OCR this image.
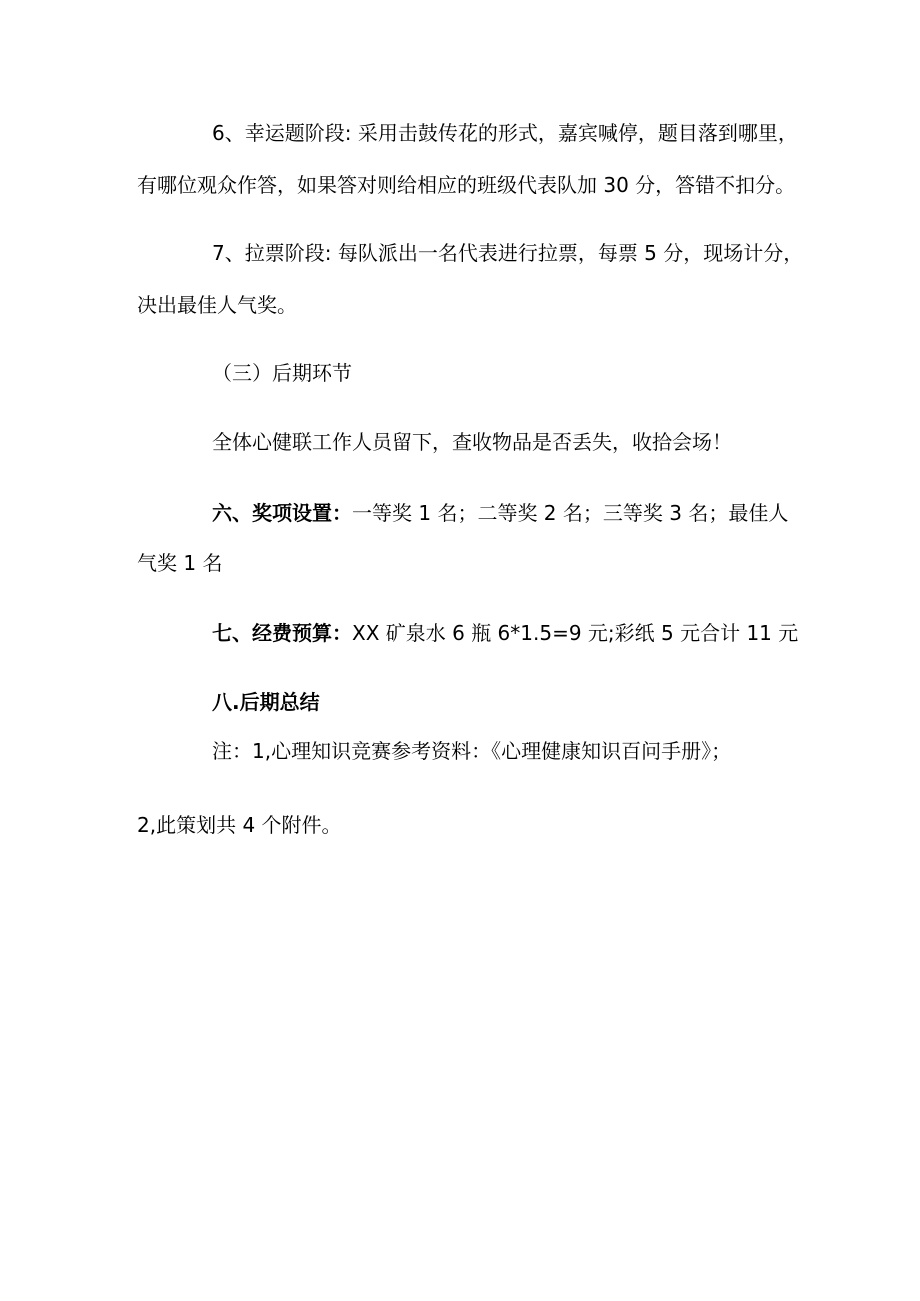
6、幸运题阶段: 采用击鼓传花的形式，嘉宾喊停，题目落到哪里，
有哪位观众作答，如果答对则给相应的班级代表队加 30 分，答错不扣分。
7、拉票阶段: 每队派出一名代表进行拉票，每票 5 分，现场计分，
决出最佳人气奖。
（三）后期环节
全体心健联工作人员留下，查收物品是否丢失，收拾会场！
六、奖项设置：一等奖 1 名；二等奖 2 名；三等奖 3 名；最佳人
气奖 1 名
七、经费预算：XX 矿泉水 6 瓶 6*1.5=9 元;彩纸 5 元合计 11 元
八.后期总结
注：1,心理知识竞赛参考资料：《心理健康知识百问手册》；
2,此策划共 4 个附件。
